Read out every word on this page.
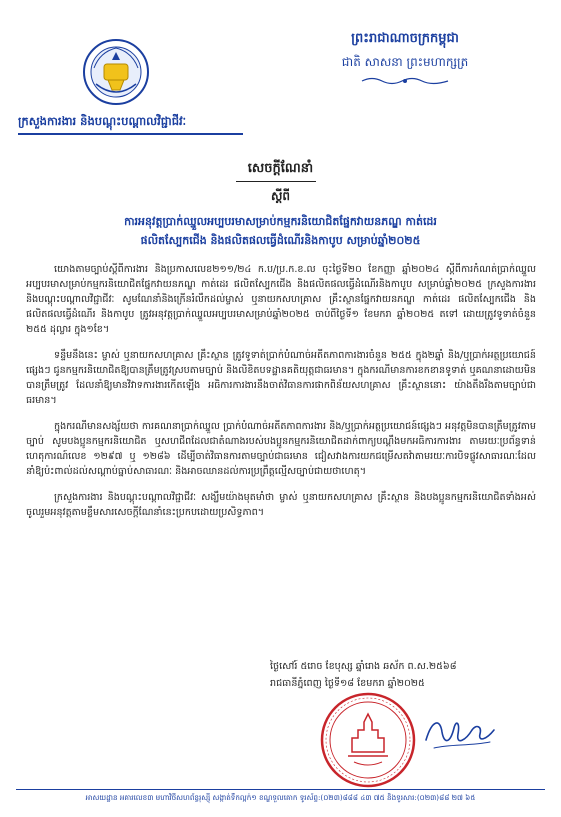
ព្រះរាជាណាចក្រកម្ពុជា
ជាតិ សាសនា ព្រះមហាក្សត្រ
ក្រសួងការងារ និងបណ្តុះបណ្តាលវិជ្ជាជីវៈ
សេចក្តីណែនាំ
ស្តីពី
ការអនុវត្តប្រាក់ឈ្នួលអប្បបរមាសម្រាប់កម្មករនិយោជិតផ្នែកវាយនភណ្ឌ កាត់ដេរ
ផលិតស្បែកជើង និងផលិតផលធ្វើដំណើរនិងកាបូប សម្រាប់ឆ្នាំ២០២៥

យោងតាមច្បាប់ស្តីពីការងារ និងប្រកាសលេខ២១១/២៤ ក.ប/ប្រ.ក.ខ.ល ចុះថ្ងៃទី២០ ខែកញ្ញា ឆ្នាំ២០២៤ ស្តីពីការកំណត់ប្រាក់ឈ្នួលអប្បបរមាសម្រាប់កម្មករនិយោជិតផ្នែកវាយនភណ្ឌ កាត់ដេរ ផលិតស្បែកជើង និងផលិតផលធ្វើដំណើរនិងកាបូប សម្រាប់ឆ្នាំ២០២៥ ក្រសួងការងារ និងបណ្តុះបណ្តាលវិជ្ជាជីវៈ សូមណែនាំនិងក្រើនរំលឹកដល់ម្ចាស់ ឬនាយកសហគ្រាស គ្រឹះស្ថានផ្នែកវាយនភណ្ឌ កាត់ដេរ ផលិតស្បែកជើង និងផលិតផលធ្វើដំណើរ និងកាបូប ត្រូវអនុវត្តប្រាក់ឈ្នួលអប្បបរមាសម្រាប់ឆ្នាំ២០២៥ ចាប់ពីថ្ងៃទី១ ខែមករា ឆ្នាំ២០២៥ តទៅ ដោយត្រូវទូទាត់ចំនួន ២៥៥ ដុល្លារ ក្នុង១ខែ។

ទន្ទឹមនឹងនេះ ម្ចាស់ ឬនាយកសហគ្រាស គ្រឹះស្ថាន ត្រូវទូទាត់ប្រាក់បំណាច់អតីតភាពការងារចំនួន ២៥៥ ក្នុង២ឆ្នាំ និង/ឬប្រាក់អត្ថប្រយោជន៍ផ្សេងៗ ជូនកម្មករនិយោជិតឱ្យបានត្រឹមត្រូវស្របតាមច្បាប់ និងលិខិតបទដ្ឋានគតិយុត្តជាធរមាន។ ក្នុងករណីមានការខកខានទូទាត់ ឬគណនាដោយមិនបានត្រឹមត្រូវ ដែលនាំឱ្យមានវិវាទការងារកើតឡើង អធិការការងារនឹងចាត់វិធានការផាកពិន័យសហគ្រាស គ្រឹះស្ថាននោះ យ៉ាងតឹងរឹងតាមច្បាប់ជាធរមាន។

ក្នុងករណីមានសង្ស័យថា ការគណនាប្រាក់ឈ្នួល ប្រាក់បំណាច់អតីតភាពការងារ និង/ឬប្រាក់អត្ថប្រយោជន៍ផ្សេងៗ អនុវត្តមិនបានត្រឹមត្រូវតាមច្បាប់ សូមបងប្អូនកម្មករនិយោជិត ឬសហជីពដែលជាតំណាងរបស់បងប្អូនកម្មករនិយោជិតដាក់ពាក្យបណ្តឹងមកអធិការការងារ តាមរយៈប្រព័ន្ធទាន់ហេតុការណ៍លេខ ១២៩៧ ឬ ១២៨៦ ដើម្បីចាត់វិធានការតាមច្បាប់ជាធរមាន ជៀសវាងការយកជម្រើសតវ៉ាតាមរយៈការបិទផ្លូវសាធារណៈដែលនាំឱ្យប៉ះពាល់ដល់សណ្តាប់ធ្នាប់សាធារណៈ និងអាចឈានដល់ការប្រព្រឹត្តល្មើសច្បាប់ជាយថាហេតុ។

ក្រសួងការងារ និងបណ្តុះបណ្តាលវិជ្ជាជីវៈ សង្ឃឹមយ៉ាងមុតមាំថា ម្ចាស់ ឬនាយកសហគ្រាស គ្រឹះស្ថាន និងបងប្អូនកម្មករនិយោជិតទាំងអស់ ចូលរួមអនុវត្តតាមខ្លឹមសារសេចក្តីណែនាំនេះប្រកបដោយប្រសិទ្ធភាព។

ថ្ងៃសៅរ៍ ៥រោច ខែបុស្ស ឆ្នាំរោង ឆស័ក ព.ស.២៥៦៨
រាជធានីភ្នំពេញ ថ្ងៃទី១៨ ខែមករា ឆ្នាំ២០២៥
អាសយដ្ឋាន អគារលេខ៣ មហាវិថីសហព័ន្ធរុស្ស៊ី សង្កាត់ទឹកល្អក់១ ខណ្ឌទួលគោក ទូរស័ព្ទ:(០២៣)៨៨៨ ៤៣ ៧៥ និងទូរសារ:(០២៣)៨៨ ២៧ ៦៥
